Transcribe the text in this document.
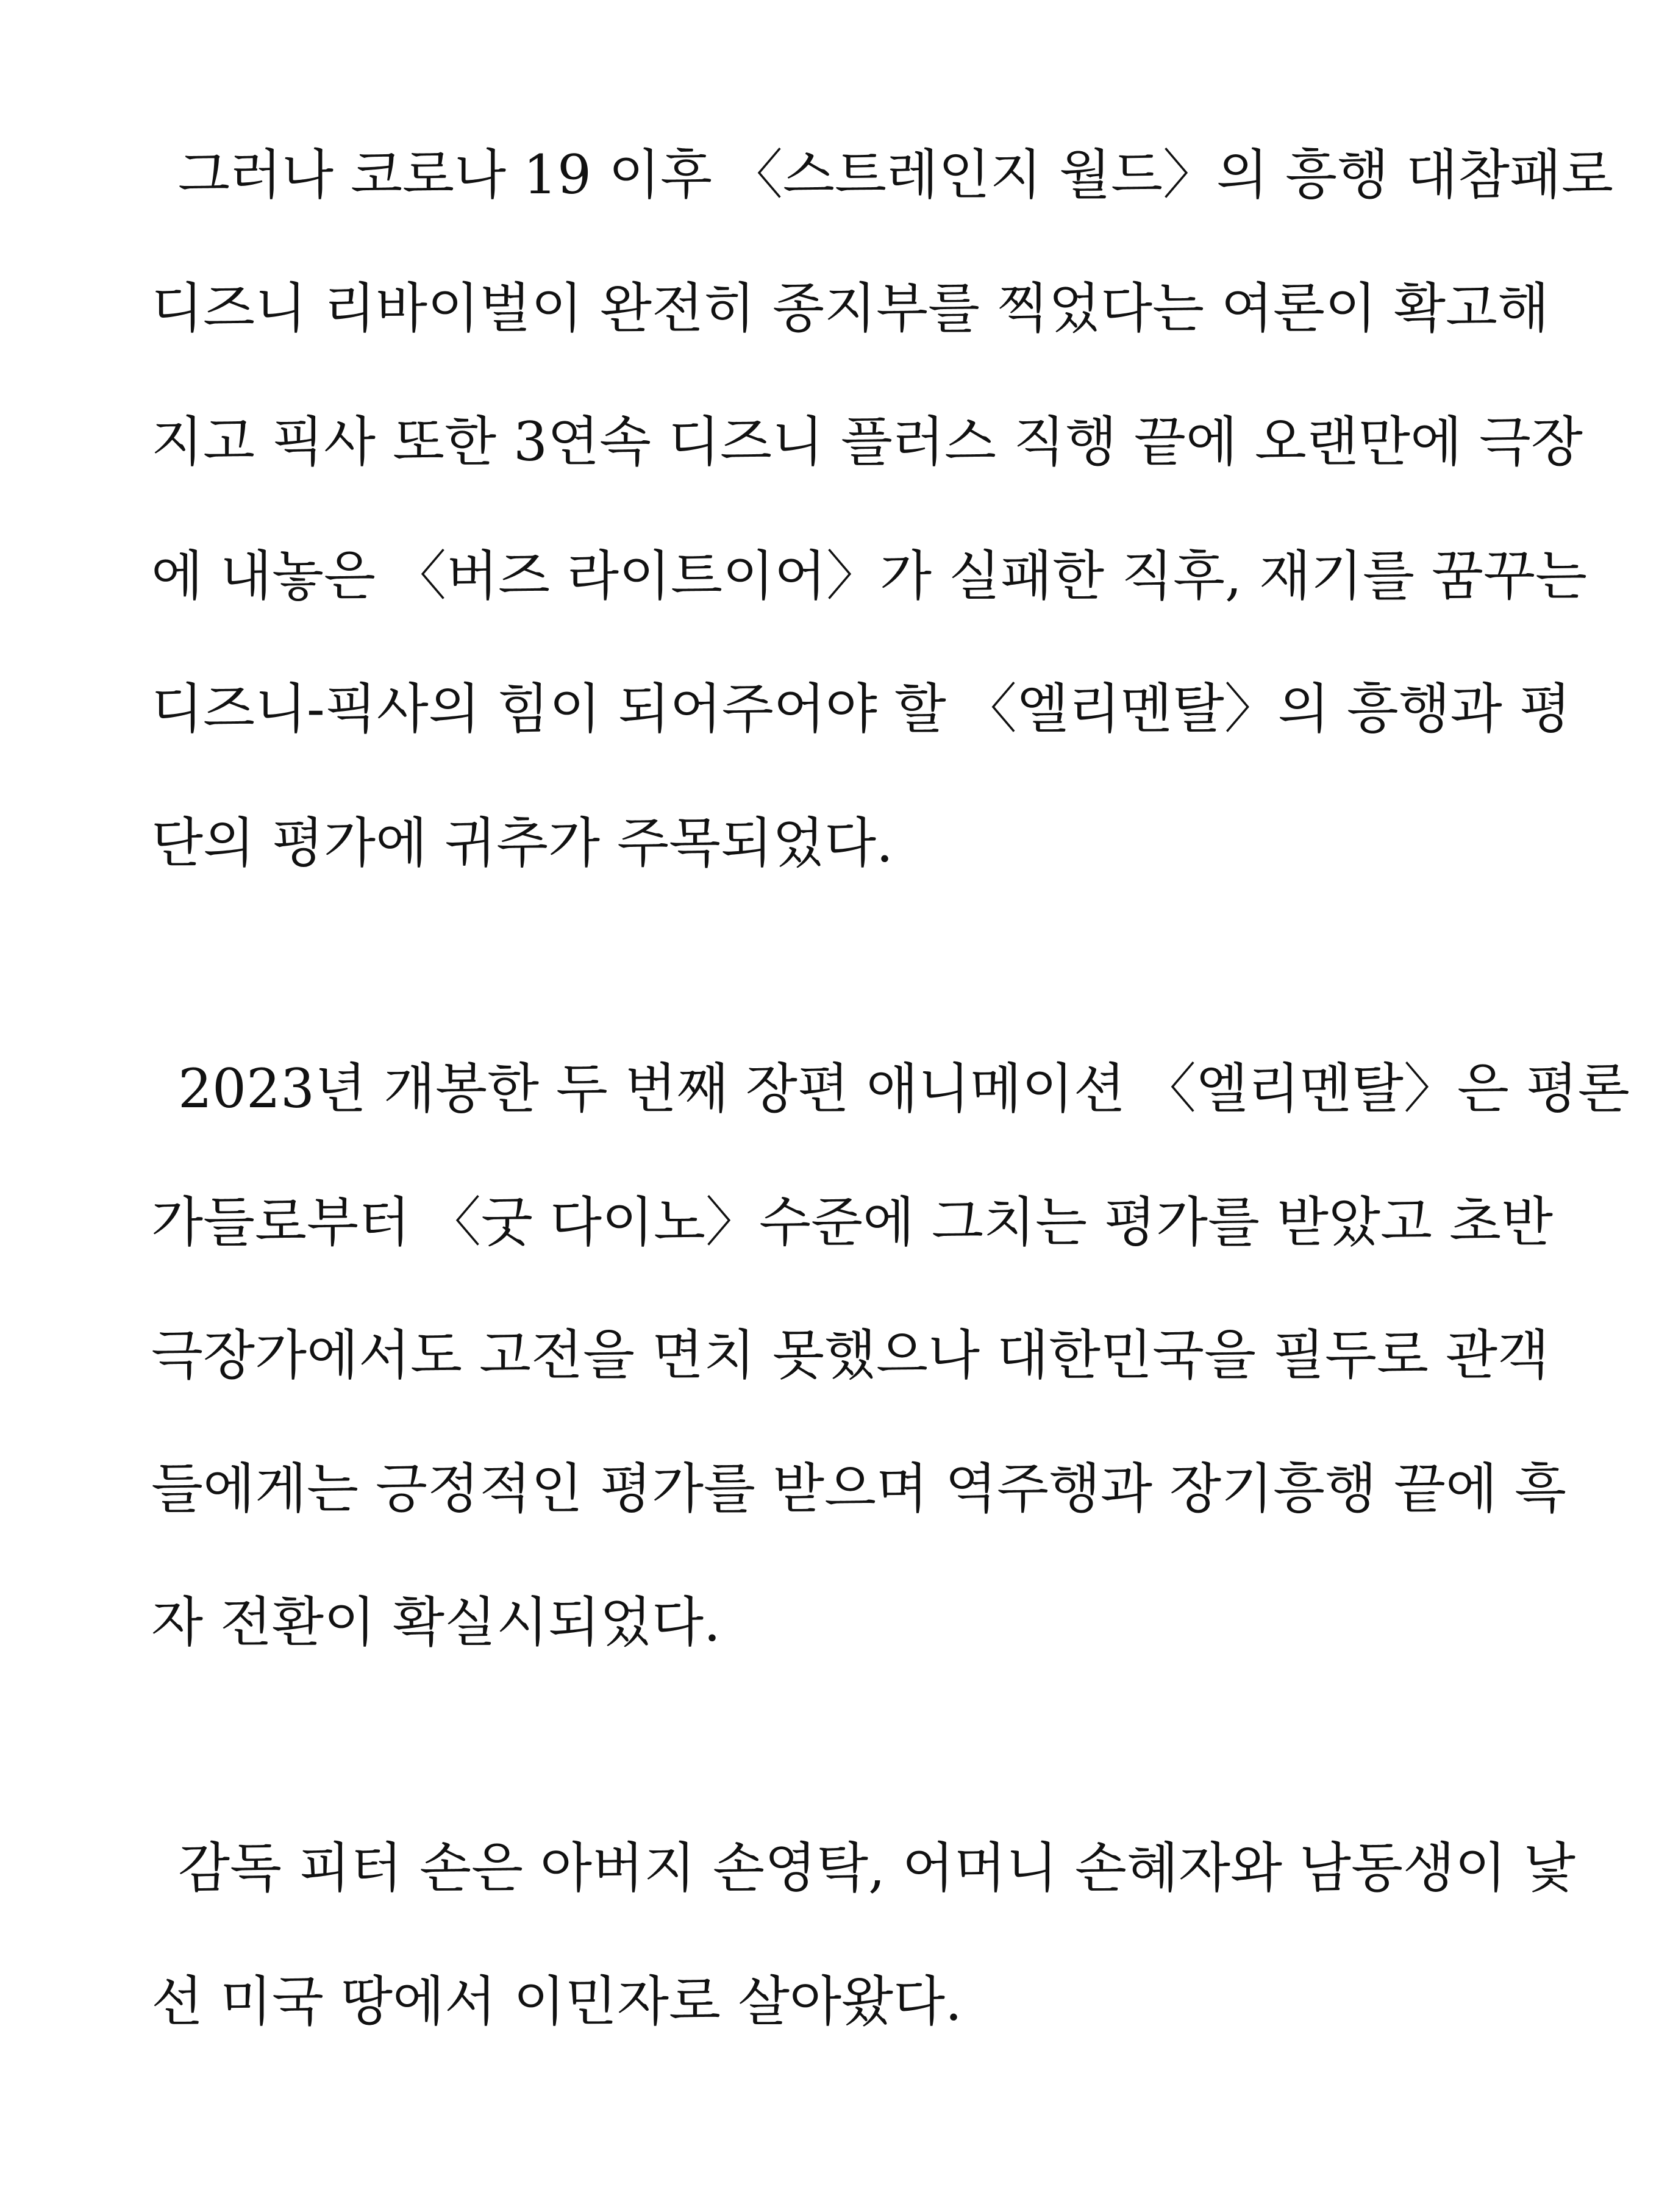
그러나 코로나 19 이후 〈스트레인지 월드〉의 흥행 대참패로
디즈니 리바이벌이 완전히 종지부를 찍었다는 여론이 확고해
지고 픽사 또한 3연속 디즈니 플러스 직행 끝에 오랜만에 극장
에 내놓은 〈버즈 라이트이어〉가 실패한 직후, 재기를 꿈꾸는
디즈니-픽사의 힘이 되어주어야 할 〈엘리멘탈〉의 흥행과 평
단의 평가에 귀추가 주목되었다.
2023년 개봉한 두 번째 장편 애니메이션 〈엘리멘탈〉은 평론
가들로부터 〈굿 다이노〉수준에 그치는 평가를 받았고 초반
극장가에서도 고전을 면치 못했으나 대한민국을 필두로 관객
들에게는 긍정적인 평가를 받으며 역주행과 장기흥행 끝에 흑
자 전환이 확실시되었다.
감독 피터 손은 아버지 손영탁, 어머니 손혜자와 남동생이 낯
선 미국 땅에서 이민자로 살아왔다.
